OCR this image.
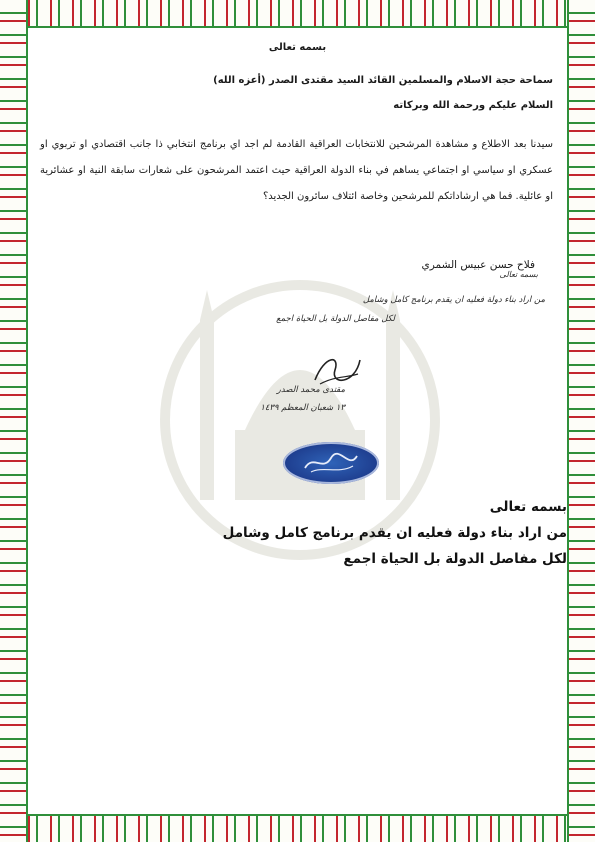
بسمه تعالى
سماحة حجة الاسلام والمسلمين القائد السيد مقتدى الصدر (أعزه الله)
السلام عليكم ورحمة الله وبركاته
سيدنا بعد الاطلاع و مشاهدة المرشحين للانتخابات العراقية القادمة لم اجد اي برنامج انتخابي ذا جانب اقتصادي او تربوي او عسكري او سياسي او اجتماعي يساهم في بناء الدولة العراقية حيث اعتمد المرشحون على شعارات سابقة النية او عشائرية او عائلية. فما هي ارشاداتكم للمرشحين وخاصة ائتلاف سائرون الجديد؟
فلاح حسن عبيس الشمري
بسمه تعالى
من اراد بناء دولة فعليه ان يقدم برنامج كامل وشامل
لكل مفاصل الدولة بل الحياة اجمع
مقتدى محمد الصدر
١٣ شعبان المعظم ١٤٣٩
بسمه تعالى
من اراد بناء دولة فعليه ان يقدم برنامج كامل وشامل
لكل مفاصل الدولة بل الحياة اجمع
